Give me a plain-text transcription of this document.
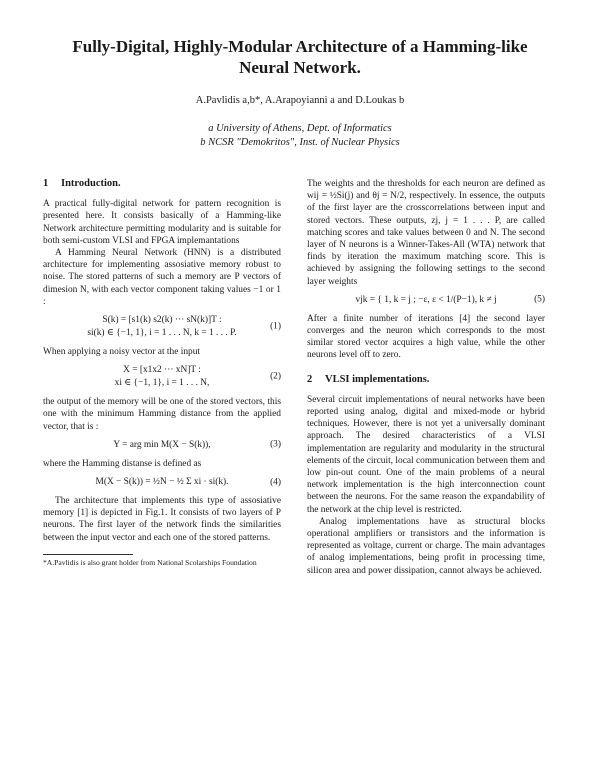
Fully-Digital, Highly-Modular Architecture of a Hamming-like Neural Network.
A.Pavlidis a,b*, A.Arapoyianni a and D.Loukas b
a University of Athens, Dept. of Informatics
b NCSR "Demokritos", Inst. of Nuclear Physics
1 Introduction.

A practical fully-digital network for pattern recognition is presented here. It consists basically of a Hamming-like Network architecture permitting modularity and is suitable for both semi-custom VLSI and FPGA implemantations

A Hamming Neural Network (HNN) is a distributed architecture for implementing assosiative memory robust to noise. The stored patterns of such a memory are P vectors of dimesion N, with each vector component taking values −1 or 1 :

S(k) = [s1(k) s2(k) ··· sN(k)]T :
si(k) ∈ {−1, 1}, i = 1 . . . N, k = 1 . . . P.
(1)

When applying a noisy vector at the input

X = [x1x2 ··· xN]T :
xi ∈ {−1, 1}, i = 1 . . . N,
(2)

the output of the memory will be one of the stored vectors, this one with the minimum Hamming distance from the applied vector, that is :

Y = arg min M(X − S(k)),	(3)

where the Hamming distanse is defined as

M(X − S(k)) = ½N − ½ Σ xi · si(k).	(4)

The architecture that implements this type of assosiative memory [1] is depicted in Fig.1. It consists of two layers of P neurons. The first layer of the network finds the similarities between the input vector and each one of the stored patterns.

*A.Pavlidis is also grant holder from National Scolarships Foundation

The weights and the thresholds for each neuron are defined as wij = ½Si(j) and θj = N/2, respectively. In essence, the outputs of the first layer are the crosscorrelations between input and stored vectors. These outputs, zj, j = 1 . . . P, are called matching scores and take values between 0 and N. The second layer of N neurons is a Winner-Takes-All (WTA) network that finds by iteration the maximum matching score. This is achieved by assigning the following settings to the second layer weights

vjk = { 1, k = j ; −ε, ε < 1/(P−1), k ≠ j	(5)

After a finite number of iterations [4] the second layer converges and the neuron which corresponds to the most similar stored vector acquires a high value, while the other neurons level off to zero.

2 VLSI implementations.

Several circuit implementations of neural networks have been reported using analog, digital and mixed-mode or hybrid techniques. However, there is not yet a universally dominant approach. The desired characteristics of a VLSI implementation are regularity and modularity in the structural elements of the circuit, local communication between them and low pin-out count. One of the main problems of a neural network implementation is the high interconnection count between the neurons. For the same reason the expandability of the network at the chip level is restricted.

Analog implementations have as structural blocks operational amplifiers or transistors and the information is represented as voltage, current or charge. The main advantages of analog implementations, being profit in processing time, silicon area and power dissipation, cannot always be achieved.
